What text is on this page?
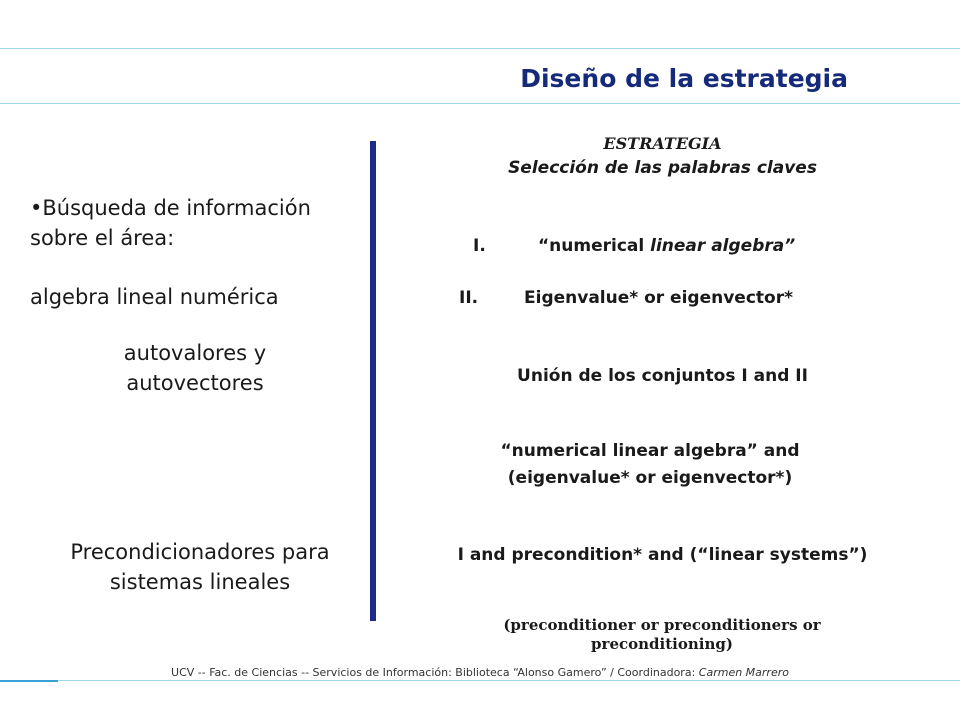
Diseño de la estrategia
•Búsqueda de información sobre el área:
algebra lineal numérica
autovalores y autovectores
Precondicionadores para sistemas lineales
ESTRATEGIA
Selección de las palabras claves
I.	“numerical linear algebra”
II.	Eigenvalue* or eigenvector*
Unión de los conjuntos I and II
“numerical linear algebra” and (eigenvalue* or eigenvector*)
I and precondition* and (“linear systems”)
(preconditioner or preconditioners or preconditioning)
UCV -- Fac. de Ciencias -- Servicios de Información: Biblioteca “Alonso Gamero” / Coordinadora: Carmen Marrero
